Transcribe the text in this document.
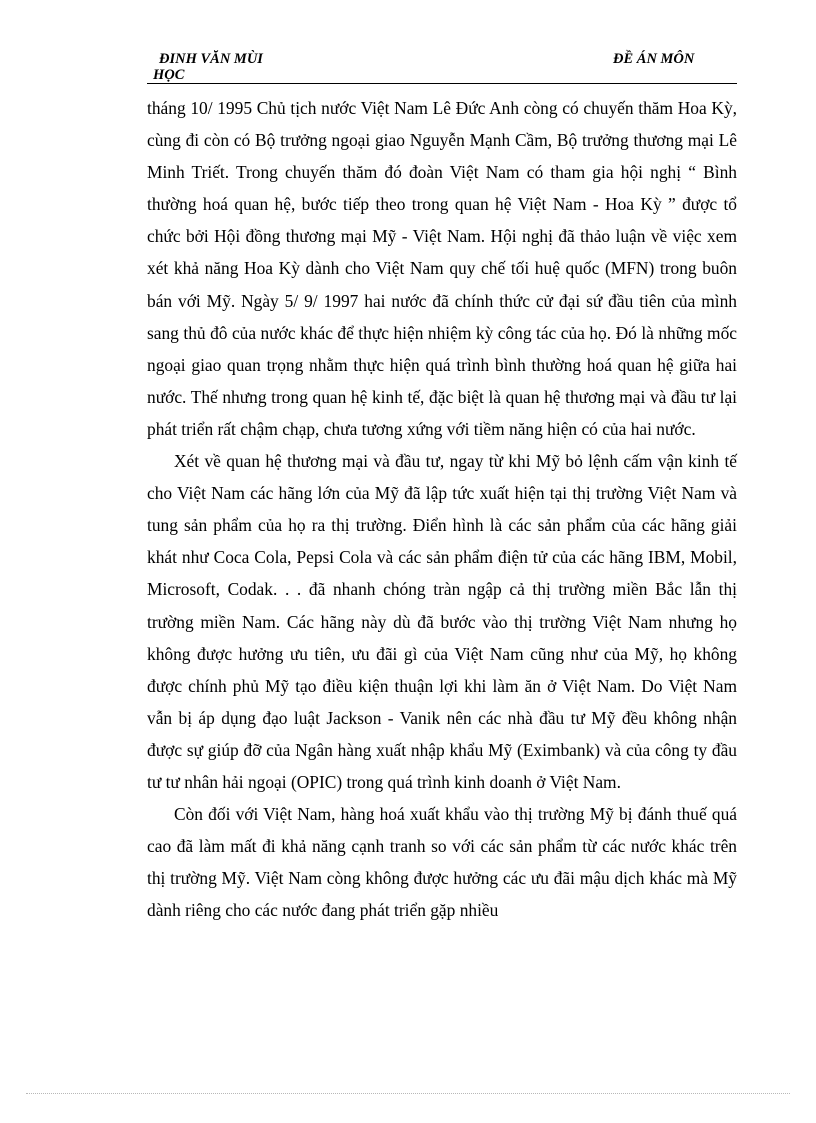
ĐINH VĂN MÙI
HỌC
ĐỀ ÁN MÔN

tháng 10/ 1995 Chủ tịch nước Việt Nam Lê Đức Anh còng có chuyến thăm Hoa Kỳ, cùng đi còn có Bộ trưởng ngoại giao Nguyễn Mạnh Cầm, Bộ trưởng thương mại Lê Minh Triết. Trong chuyến thăm đó đoàn Việt Nam có tham gia hội nghị “ Bình thường hoá quan hệ, bước tiếp theo trong quan hệ Việt Nam - Hoa Kỳ ” được tổ chức bởi Hội đồng thương mại Mỹ - Việt Nam. Hội nghị đã thảo luận về việc xem xét khả năng Hoa Kỳ dành cho Việt Nam quy chế tối huệ quốc (MFN) trong buôn bán với Mỹ. Ngày 5/ 9/ 1997 hai nước đã chính thức cử đại sứ đầu tiên của mình sang thủ đô của nước khác để thực hiện nhiệm kỳ công tác của họ. Đó là những mốc ngoại giao quan trọng nhằm thực hiện quá trình bình thường hoá quan hệ giữa hai nước. Thế nhưng trong quan hệ kinh tế, đặc biệt là quan hệ thương mại và đầu tư lại phát triển rất chậm chạp, chưa tương xứng với tiềm năng hiện có của hai nước.

Xét về quan hệ thương mại và đầu tư, ngay từ khi Mỹ bỏ lệnh cấm vận kinh tế cho Việt Nam các hãng lớn của Mỹ đã lập tức xuất hiện tại thị trường Việt Nam và tung sản phẩm của họ ra thị trường. Điển hình là các sản phẩm của các hãng giải khát như Coca Cola, Pepsi Cola và các sản phẩm điện tử của các hãng IBM, Mobil, Microsoft, Codak. . . đã nhanh chóng tràn ngập cả thị trường miền Bắc lẫn thị trường miền Nam. Các hãng này dù đã bước vào thị trường Việt Nam nhưng họ không được hưởng ưu tiên, ưu đãi gì của Việt Nam cũng như của Mỹ, họ không được chính phủ Mỹ tạo điều kiện thuận lợi khi làm ăn ở Việt Nam. Do Việt Nam vẫn bị áp dụng đạo luật Jackson - Vanik nên các nhà đầu tư Mỹ đều không nhận được sự giúp đỡ của Ngân hàng xuất nhập khẩu Mỹ (Eximbank) và của công ty đầu tư tư nhân hải ngoại (OPIC) trong quá trình kinh doanh ở Việt Nam.

Còn đối với Việt Nam, hàng hoá xuất khẩu vào thị trường Mỹ bị đánh thuế quá cao đã làm mất đi khả năng cạnh tranh so với các sản phẩm từ các nước khác trên thị trường Mỹ. Việt Nam còng không được hưởng các ưu đãi mậu dịch khác mà Mỹ dành riêng cho các nước đang phát triển gặp nhiều
